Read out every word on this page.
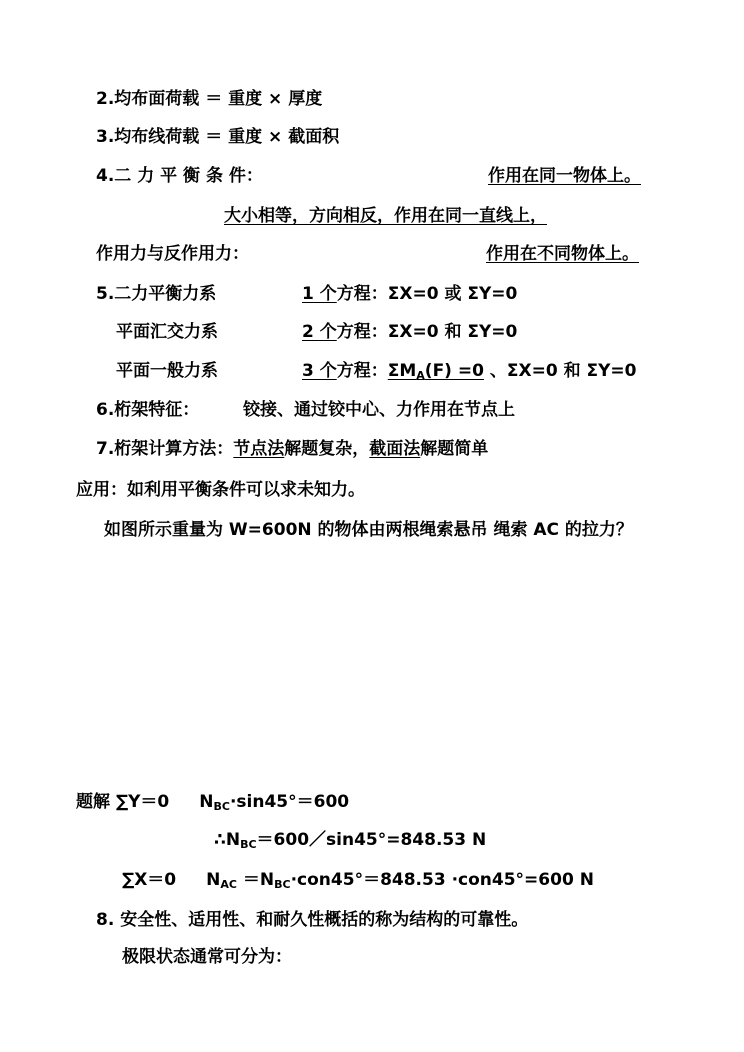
2.均布面荷载 ＝ 重度 × 厚度
3.均布线荷载 ＝ 重度 × 截面积
4.二 力 平 衡 条 件：	作用在同一物体上。
大小相等，方向相反，作用在同一直线上，
作用力与反作用力：	作用在不同物体上。
5.二力平衡力系	1 个方程：ΣX=0 或 ΣY=0
平面汇交力系	2 个方程：ΣX=0 和 ΣY=0
平面一般力系	3 个方程：$\Sigma M_A(F) =0$ 、ΣX=0 和 ΣY=0
6.桁架特征：	铰接、通过铰中心、力作用在节点上
7.桁架计算方法：节点法解题复杂，截面法解题简单
应用：如利用平衡条件可以求未知力。
如图所示重量为 W=600N 的物体由两根绳索悬吊 绳索 AC 的拉力？
题解 ∑Y＝0 $N_{BC}\cdot\sin 45^\circ=600$
$\therefore N_{BC}=600/\sin 45^\circ=848.53$ N
∑X＝0 $N_{AC} =N_{BC}\cdot con45^\circ=848.53 \cdot con45^\circ=600$ N
8. 安全性、适用性、和耐久性概括的称为结构的可靠性。
极限状态通常可分为：
